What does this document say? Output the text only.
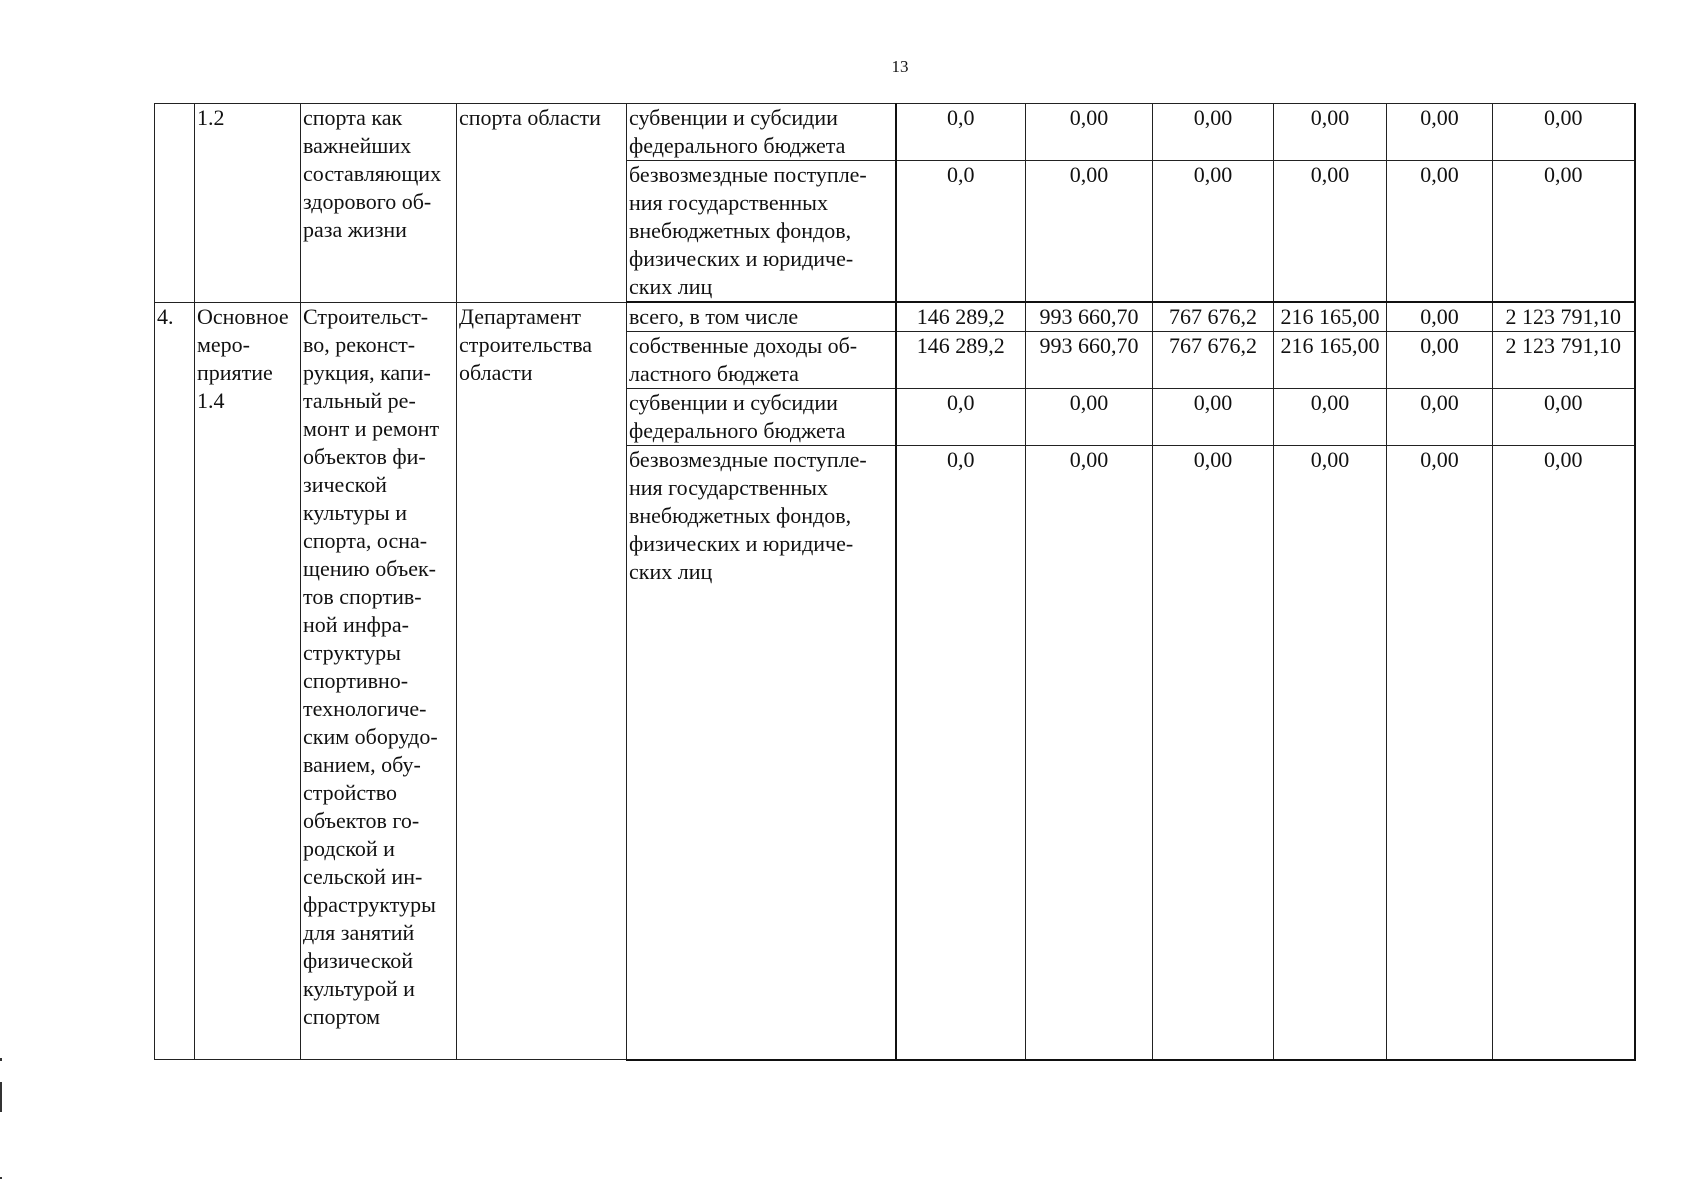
13
	1.2	спорта как важнейших составляющих здорового об-раза жизни	спорта области	субвенции и субсидии федерального бюджета	0,0	0,00	0,00	0,00	0,00	0,00
				безвозмездные поступле-ния государственных внебюджетных фондов, физических и юридиче-ских лиц	0,0	0,00	0,00	0,00	0,00	0,00
4.	Основное меро-приятие 1.4	Строительст-во, реконст-рукция, капи-тальный ре-монт и ремонт объектов фи-зической культуры и спорта, осна-щению объек-тов спортив-ной инфра-структуры спортивно-технологиче-ским оборудо-ванием, обу-стройство объектов го-родской и сельской ин-фраструктуры для занятий физической культурой и спортом	Департамент строительства области	всего, в том числе	146 289,2	993 660,70	767 676,2	216 165,00	0,00	2 123 791,10
				собственные доходы об-ластного бюджета	146 289,2	993 660,70	767 676,2	216 165,00	0,00	2 123 791,10
				субвенции и субсидии федерального бюджета	0,0	0,00	0,00	0,00	0,00	0,00
				безвозмездные поступле-ния государственных внебюджетных фондов, физических и юридиче-ских лиц	0,0	0,00	0,00	0,00	0,00	0,00
